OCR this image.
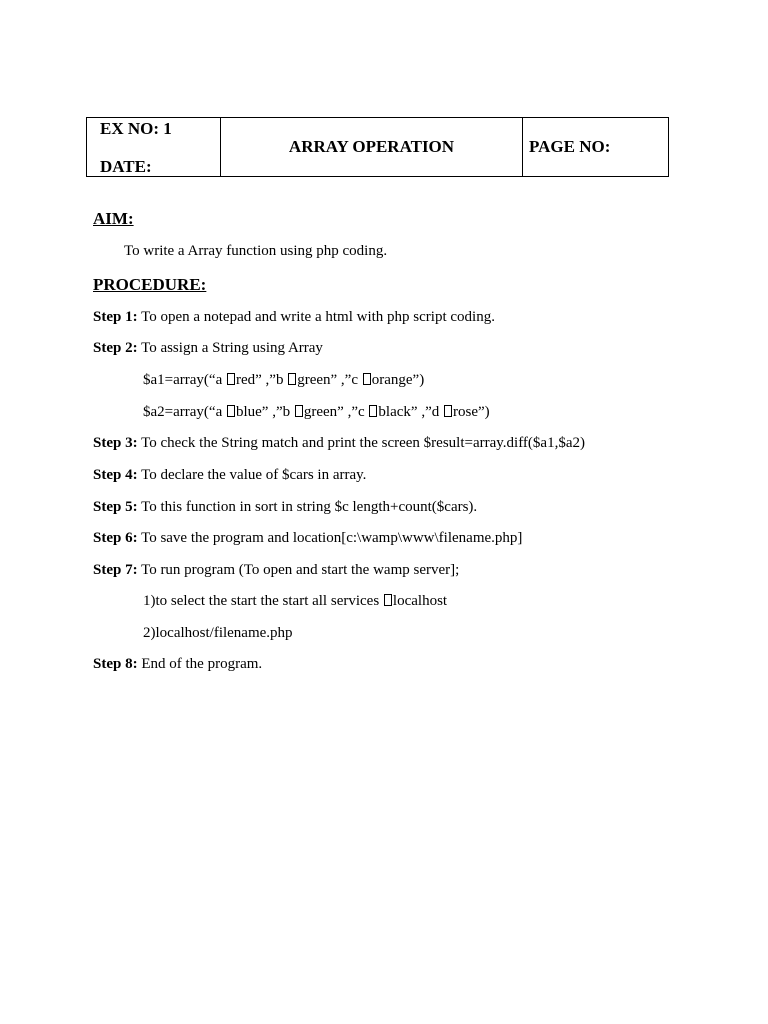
EX NO: 1
DATE:
	ARRAY OPERATION	PAGE NO:
AIM:

To write a Array function using php coding.

PROCEDURE:

Step 1: To open a notepad and write a html with php script coding.

Step 2: To assign a String using Array

$a1=array(“a red” ,”b green” ,”c orange”)

$a2=array(“a blue” ,”b green” ,”c black” ,”d rose”)

Step 3: To check the String match and print the screen $result=array.diff($a1,$a2)

Step 4: To declare the value of $cars in array.

Step 5: To this function in sort in string $c length+count($cars).

Step 6: To save the program and location[c:\wamp\www\filename.php]

Step 7: To run program (To open and start the wamp server];

1)to select the start the start all services localhost

2)localhost/filename.php

Step 8: End of the program.
